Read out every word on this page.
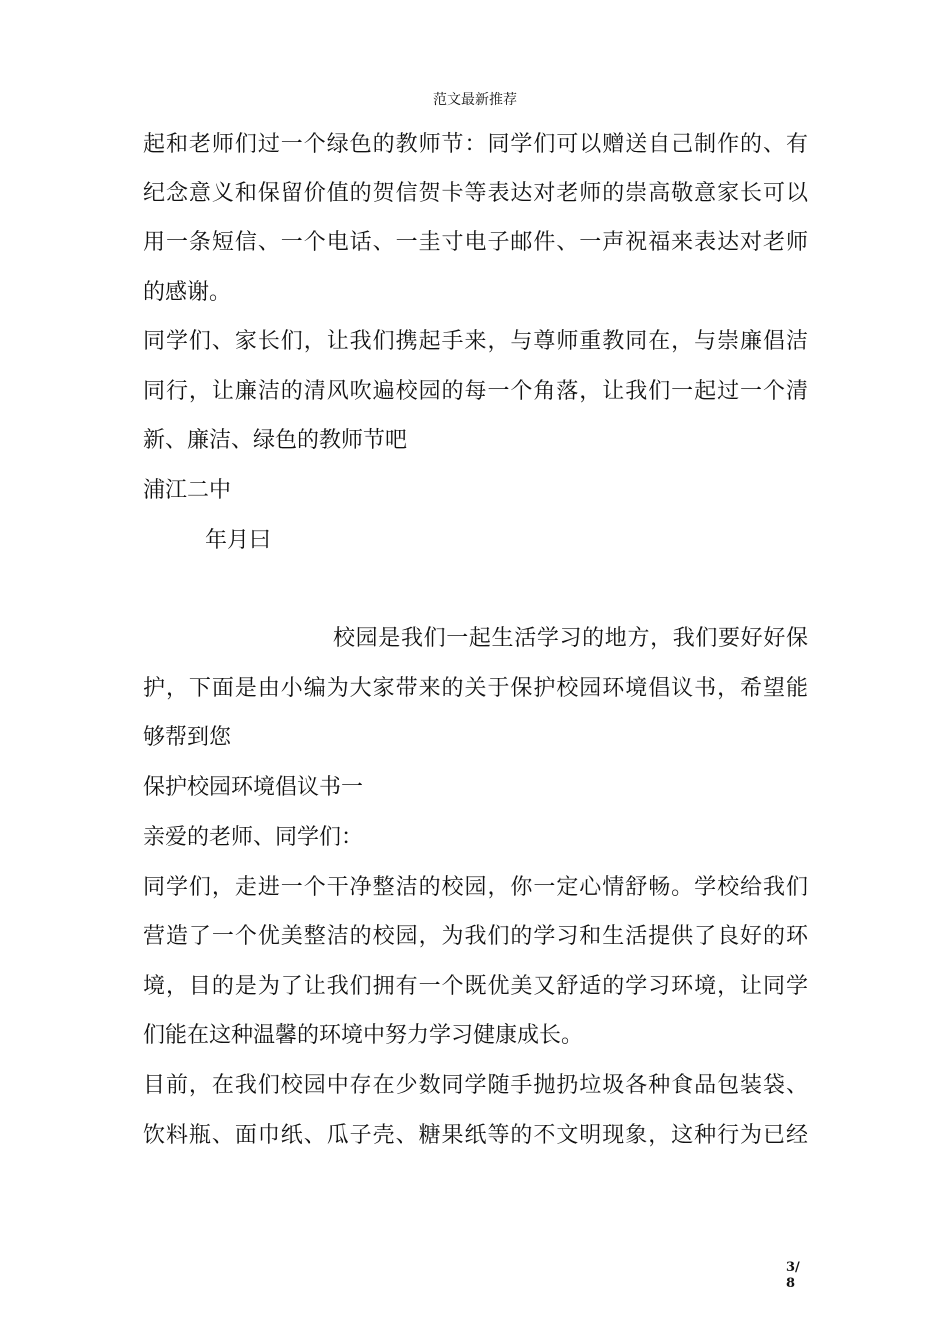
范文最新推荐
起和老师们过一个绿色的教师节：同学们可以赠送自己制作的、有
纪念意义和保留价值的贺信贺卡等表达对老师的崇高敬意家长可以
用一条短信、一个电话、一圭寸电子邮件、一声祝福来表达对老师
的感谢。
同学们、家长们，让我们携起手来，与尊师重教同在，与崇廉倡洁
同行，让廉洁的清风吹遍校园的每一个角落，让我们一起过一个清
新、廉洁、绿色的教师节吧
浦江二中
年月曰
校园是我们一起生活学习的地方，我们要好好保
护，下面是由小编为大家带来的关于保护校园环境倡议书，希望能
够帮到您
保护校园环境倡议书一
亲爱的老师、同学们：
同学们，走进一个干净整洁的校园，你一定心情舒畅。学校给我们
营造了一个优美整洁的校园，为我们的学习和生活提供了良好的环
境，目的是为了让我们拥有一个既优美又舒适的学习环境，让同学
们能在这种温馨的环境中努力学习健康成长。
目前，在我们校园中存在少数同学随手抛扔垃圾各种食品包装袋、
饮料瓶、面巾纸、瓜子壳、糖果纸等的不文明现象，这种行为已经
3/
8
